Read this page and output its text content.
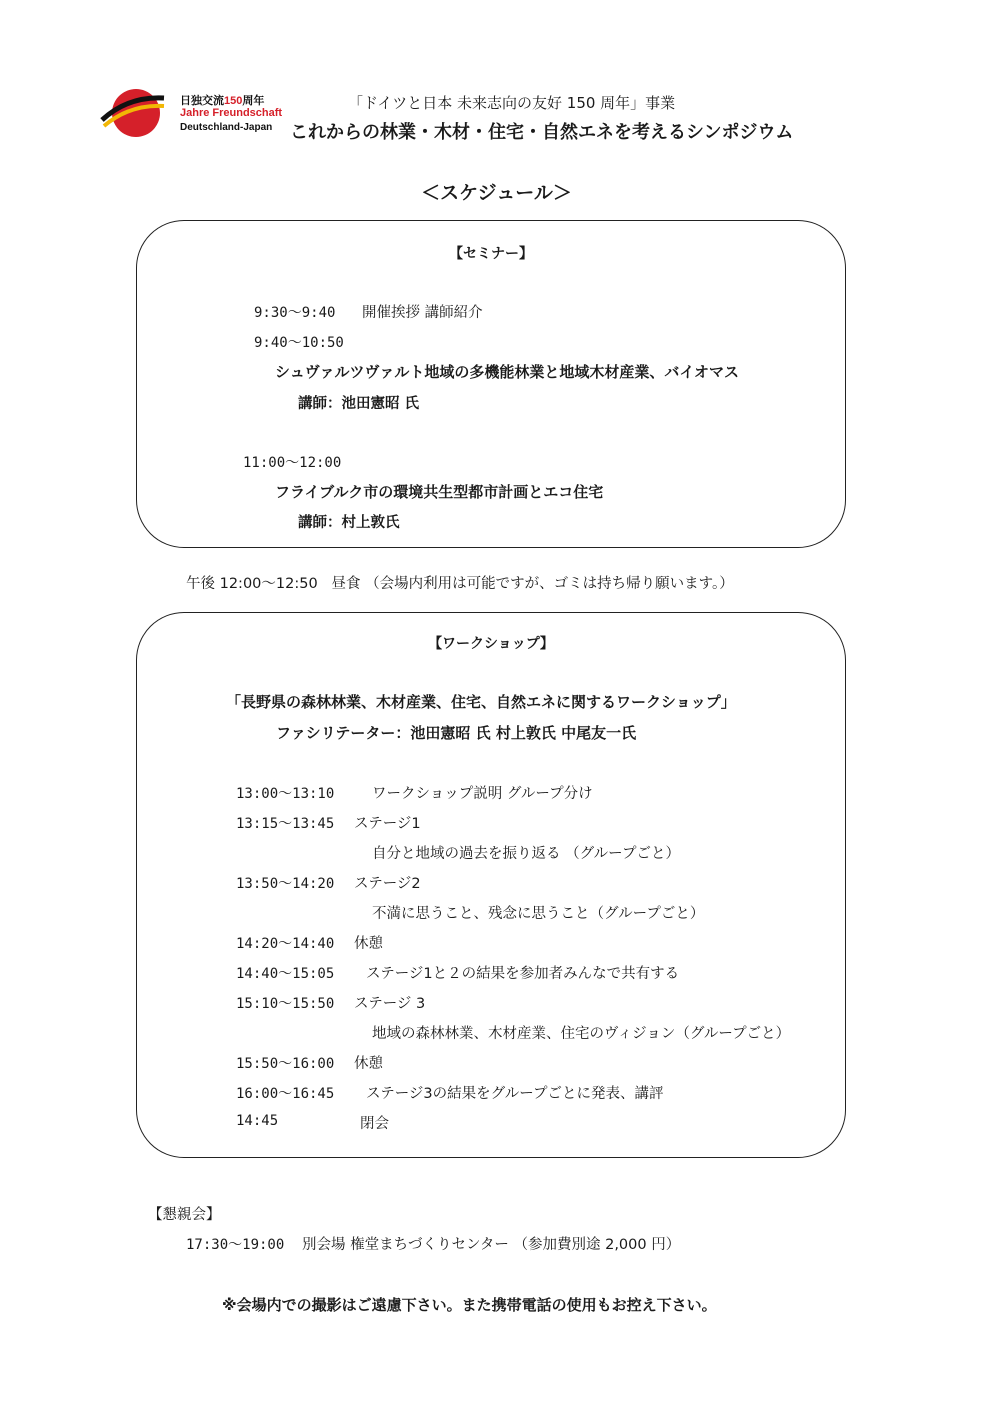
日独交流150周年
Jahre Freundschaft
Deutschland-Japan
「ドイツと日本 未来志向の友好 150 周年」事業
これからの林業・木材・住宅・自然エネを考えるシンポジウム
＜スケジュール＞
【セミナー】
9:30～9:40 開催挨拶 講師紹介
9:40～10:50
シュヴァルツヴァルト地域の多機能林業と地域木材産業、バイオマス
講師：池田憲昭 氏
11:00～12:00
フライブルク市の環境共生型都市計画とエコ住宅
講師：村上敦氏
午後 12:00～12:50 昼食 （会場内利用は可能ですが、ゴミは持ち帰り願います。）
【ワークショップ】
「長野県の森林林業、木材産業、住宅、自然エネに関するワークショップ」
ファシリテーター：池田憲昭 氏 村上敦氏 中尾友一氏
13:00～13:10	ワークショップ説明 グループ分け
13:15～13:45 ステージ1
自分と地域の過去を振り返る （グループごと）
13:50～14:20 ステージ2
不満に思うこと、残念に思うこと（グループごと）
14:20～14:40 休憩
14:40～15:05 ステージ1と２の結果を参加者みんなで共有する
15:10～15:50 ステージ 3
地域の森林林業、木材産業、住宅のヴィジョン（グループごと）
15:50～16:00 休憩
16:00～16:45 ステージ3の結果をグループごとに発表、講評
14:45	閉会
【懇親会】
17:30～19:00 別会場 権堂まちづくりセンター （参加費別途 2,000 円）
※会場内での撮影はご遠慮下さい。また携帯電話の使用もお控え下さい。
